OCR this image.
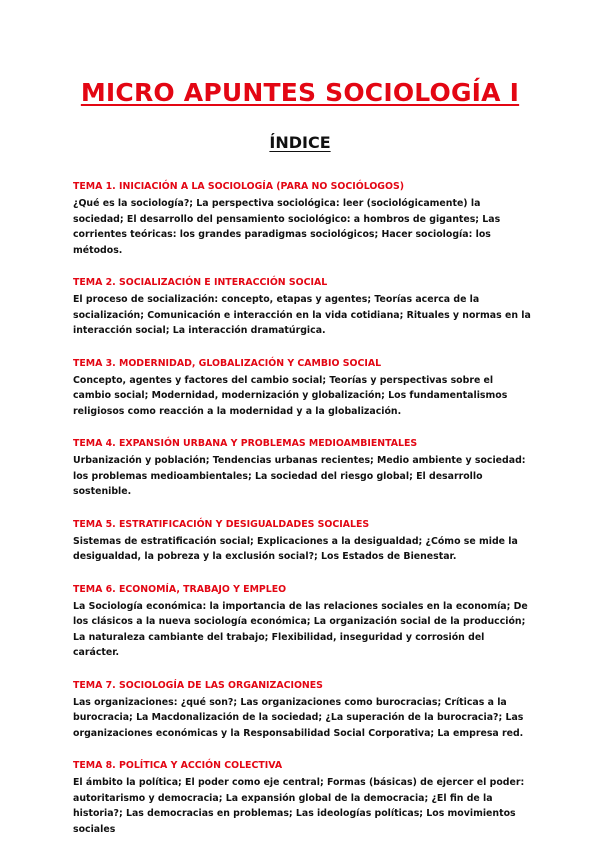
MICRO APUNTES SOCIOLOGÍA I
ÍNDICE
TEMA 1. INICIACIÓN A LA SOCIOLOGÍA (PARA NO SOCIÓLOGOS)
¿Qué es la sociología?; La perspectiva sociológica: leer (sociológicamente) la sociedad; El desarrollo del pensamiento sociológico: a hombros de gigantes; Las corrientes teóricas: los grandes paradigmas sociológicos; Hacer sociología: los métodos.
TEMA 2. SOCIALIZACIÓN E INTERACCIÓN SOCIAL
El proceso de socialización: concepto, etapas y agentes; Teorías acerca de la socialización; Comunicación e interacción en la vida cotidiana; Rituales y normas en la interacción social; La interacción dramatúrgica.
TEMA 3. MODERNIDAD, GLOBALIZACIÓN Y CAMBIO SOCIAL
Concepto, agentes y factores del cambio social; Teorías y perspectivas sobre el cambio social; Modernidad, modernización y globalización; Los fundamentalismos religiosos como reacción a la modernidad y a la globalización.
TEMA 4. EXPANSIÓN URBANA Y PROBLEMAS MEDIOAMBIENTALES
Urbanización y población; Tendencias urbanas recientes; Medio ambiente y sociedad: los problemas medioambientales; La sociedad del riesgo global; El desarrollo sostenible.
TEMA 5. ESTRATIFICACIÓN Y DESIGUALDADES SOCIALES
Sistemas de estratificación social; Explicaciones a la desigualdad; ¿Cómo se mide la desigualdad, la pobreza y la exclusión social?; Los Estados de Bienestar.
TEMA 6. ECONOMÍA, TRABAJO Y EMPLEO
La Sociología económica: la importancia de las relaciones sociales en la economía; De los clásicos a la nueva sociología económica; La organización social de la producción; La naturaleza cambiante del trabajo; Flexibilidad, inseguridad y corrosión del carácter.
TEMA 7. SOCIOLOGÍA DE LAS ORGANIZACIONES
Las organizaciones: ¿qué son?; Las organizaciones como burocracias; Críticas a la burocracia; La Macdonalización de la sociedad; ¿La superación de la burocracia?; Las organizaciones económicas y la Responsabilidad Social Corporativa; La empresa red.
TEMA 8. POLÍTICA Y ACCIÓN COLECTIVA
El ámbito la política; El poder como eje central; Formas (básicas) de ejercer el poder: autoritarismo y democracia; La expansión global de la democracia; ¿El fin de la historia?; Las democracias en problemas; Las ideologías políticas; Los movimientos sociales
